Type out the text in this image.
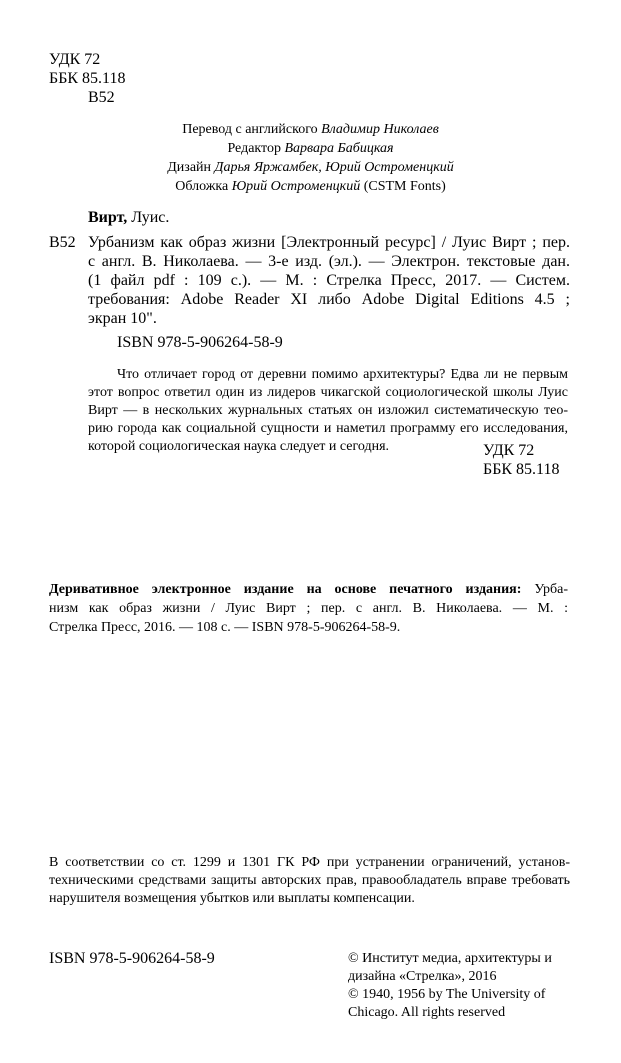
УДК 72
ББК 85.118
В52
Перевод с английского Владимир Николаев
Редактор Варвара Бабицкая
Дизайн Дарья Яржамбек, Юрий Остроменцкий
Обложка Юрий Остроменцкий (CSTM Fonts)
Вирт, Луис.
В52 Урбанизм как образ жизни [Электронный ресурс] / Луис Вирт ; пер.
с англ. В. Николаева. — 3-е изд. (эл.). — Электрон. текстовые дан.
(1 файл pdf : 109 с.). — М. : Стрелка Пресс, 2017. — Систем.
требования: Adobe Reader XI либо Adobe Digital Editions 4.5 ;
экран 10".
ISBN 978-5-906264-58-9
Что отличает город от деревни помимо архитектуры? Едва ли не первым
этот вопрос ответил один из лидеров чикагской социологической школы Луис
Вирт — в нескольких журнальных статьях он изложил систематическую тео-
рию города как социальной сущности и наметил программу его исследования,
которой социологическая наука следует и сегодня.	УДК 72
ББК 85.118
Деривативное электронное издание на основе печатного издания: Урба-
низм как образ жизни / Луис Вирт ; пер. с англ. В. Николаева. — М. :
Стрелка Пресс, 2016. — 108 с. — ISBN 978-5-906264-58-9.
В соответствии со ст. 1299 и 1301 ГК РФ при устранении ограничений, установ-
техническими средствами защиты авторских прав, правообладатель вправе требовать
нарушителя возмещения убытков или выплаты компенсации.
ISBN 978-5-906264-58-9	© Институт медиа, архитектуры и
дизайна «Стрелка», 2016
© 1940, 1956 by The University of
Chicago. All rights reserved
